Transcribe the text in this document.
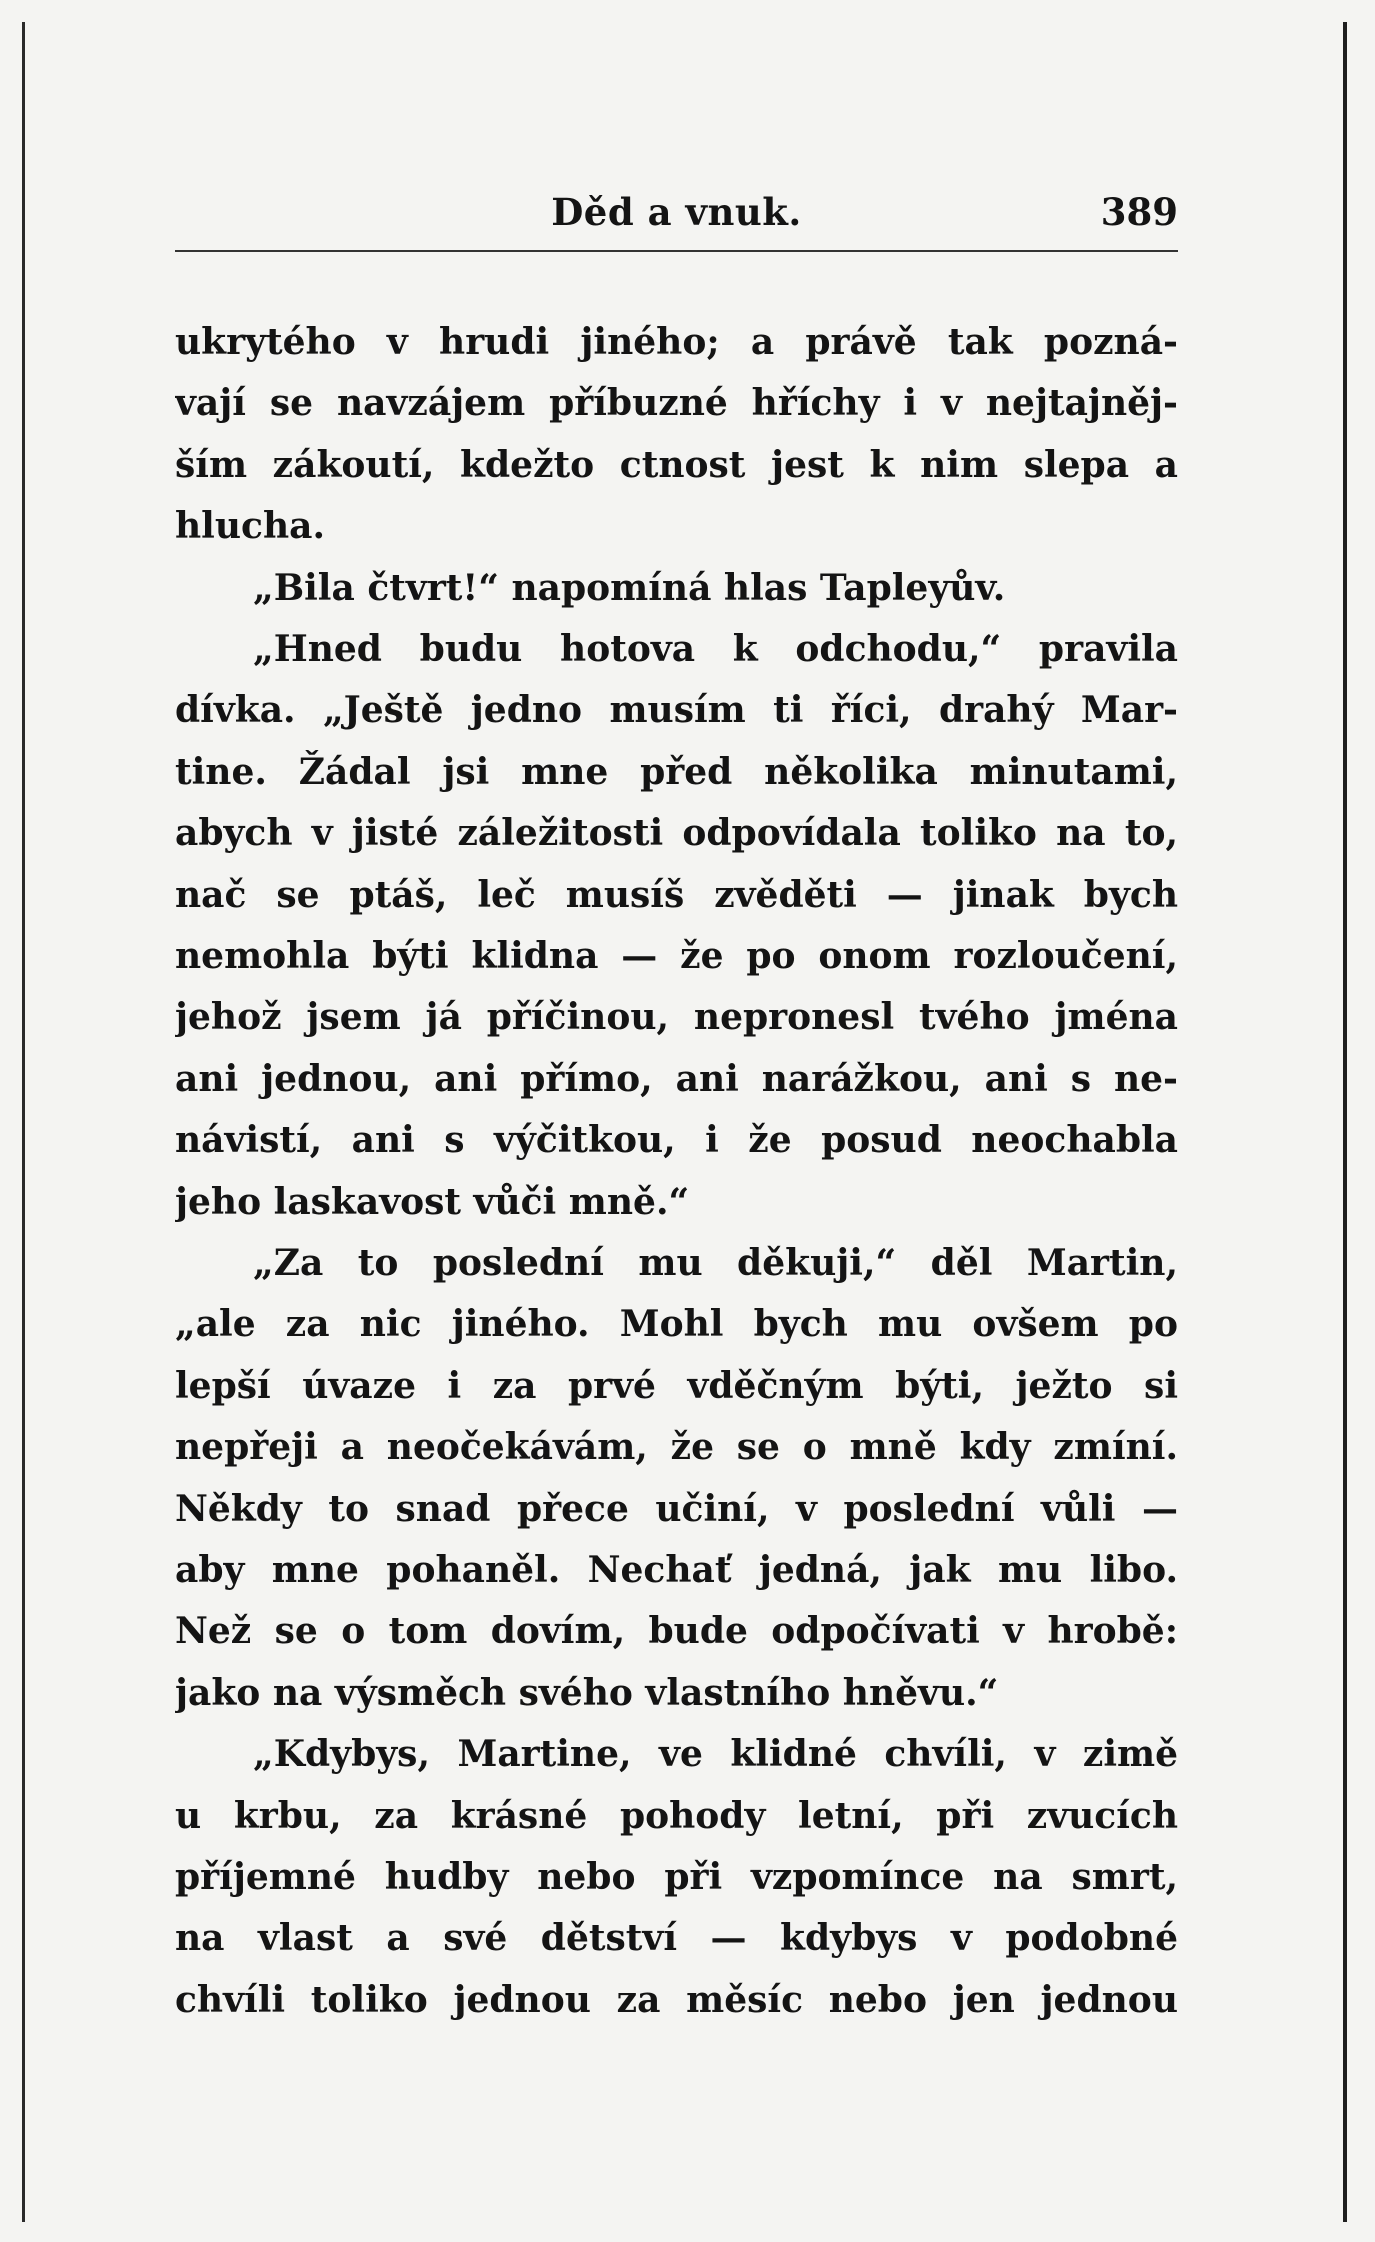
Děd a vnuk.	389
ukrytého v hrudi jiného; a právě tak pozná-
vají se navzájem příbuzné hříchy i v nejtajněj-
ším zákoutí, kdežto ctnost jest k nim slepa a
hlucha.
„Bila čtvrt!“ napomíná hlas Tapleyův.
„Hned budu hotova k odchodu,“ pravila
dívka. „Ještě jedno musím ti říci, drahý Mar-
tine. Žádal jsi mne před několika minutami,
abych v jisté záležitosti odpovídala toliko na to,
nač se ptáš, leč musíš zvěděti — jinak bych
nemohla býti klidna — že po onom rozloučení,
jehož jsem já příčinou, nepronesl tvého jména
ani jednou, ani přímo, ani narážkou, ani s ne-
návistí, ani s výčitkou, i že posud neochabla
jeho laskavost vůči mně.“
„Za to poslední mu děkuji,“ děl Martin,
„ale za nic jiného. Mohl bych mu ovšem po
lepší úvaze i za prvé vděčným býti, ježto si
nepřeji a neočekávám, že se o mně kdy zmíní.
Někdy to snad přece učiní, v poslední vůli —
aby mne pohaněl. Nechať jedná, jak mu libo.
Než se o tom dovím, bude odpočívati v hrobě:
jako na výsměch svého vlastního hněvu.“
„Kdybys, Martine, ve klidné chvíli, v zimě
u krbu, za krásné pohody letní, při zvucích
příjemné hudby nebo při vzpomínce na smrt,
na vlast a své dětství — kdybys v podobné
chvíli toliko jednou za měsíc nebo jen jednou
